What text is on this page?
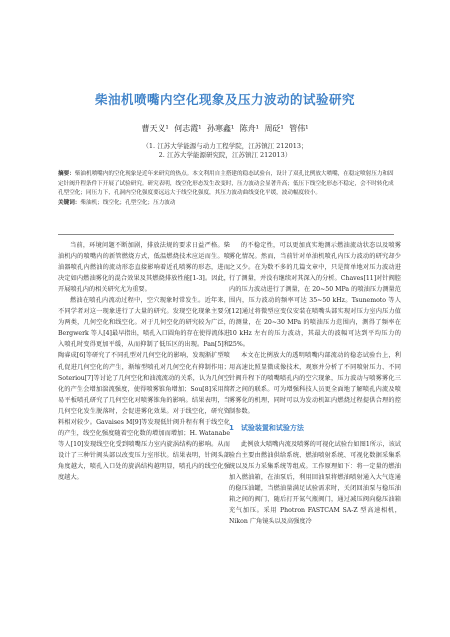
柴油机喷嘴内空化现象及压力波动的试验研究
曹天义¹ 何志霞¹ 孙寒鑫¹ 陈舟¹ 周砭¹ 管伟¹
（1. 江苏大学能源与动力工程学院，江苏镇江 212013；
2. 江苏大学能源研究院，江苏镇江 212013）
摘要：柴油机喷嘴内的空化现象是近年来研究的热点。本文利用自主搭建的稳态试验台，设计了双孔比例放大喷嘴，在稳定喷射压力和固定针阀升程条件下开展了试验研究。研究表明，线空化形态发生改变时，压力波动会显著升高；低压下线空化形态不稳定，会不时转化成孔型空化；同压力下，孔洞内空化强度要远远大于线空化强度，其压力波动曲线变化平缓，波动幅度较小。
关键词：柴油机；线空化；孔型空化；压力波动

当前，环境问题不断加剧，排放法规的要求日益严格。柴油机内的喷嘴内的新管燃烧方式，低温燃烧技术应运而生。喷油器喷孔内燃油的流动形态直接影响着近孔喷雾的形态，进而决定如内燃油雾化的混合效果及其燃烧排放性能[1-3]。因此，开展喷孔内的相关研究尤为重要。

燃油在喷孔内流动过程中，空穴现象时常发生。近年来，不同学者对这一现象进行了大量的研究。发现空化现象主要分为两类，几何空化和线空化。对于几何空化的研究较为广泛，Bergwerk 等人[4]最早指出，喷孔入口圆角的存在使得流体进入喷孔时变得更加平缓，从而抑制了低压区的出现。Pan[5]和陶睿成[6]等研究了不同孔型对几何空化的影响，发现渐扩型喷孔促进几何空化的产生，渐缩型喷孔对几何空化有抑制作用；Soteriou[7]等讨论了几何空化和油流流动的关系，认为几何空化的产生会增加湍流强度，使得喷雾锥角增加；Sou[8]采用简易平板喷孔研究了几何空化对喷雾锥角的影响。结果表明，当几何空化发生脱落时，会促进雾化效果。对于线空化，研究资料相对较少。Gavaises M[9]等发现低针阀升程有利于线空化的产生，线空化强度随着空化数的增加而增加；H. Watanabe 等人[10]发现线空化受到喷嘴压力室内旋涡结构的影响。从而设计了三种针阀头部以改变压力室形状。结果表明，针阀头部角度越大，喷孔入口处的旋涡结构越明显，喷孔内的线空化强度越大。

的不稳定性，可以更加真实地测示燃油流动状态以及喷雾雾化情况。然而，当前针对单油机喷孔内压力波动的研究却少之又少。在为数不多的几篇文章中，只是简单地对压力波动进行了测量，并没有继续对其深入的分析。Chaves[11]对针阀腔内的压力波动进行了测量，在 20~50 MPa 的喷油压力测量范围内，压力波动的频率可达 35~50 kHz。Tsunemoto 等人[12]通过将微型应变仪安装在喷嘴头部实现对压力室内压力值的测量，在 20~30 MPa 的喷油压力范围内，测得了频率在 10 kHz 左右的压力波动，其最大的波幅可达到平均压力的 25%。

本文在比例放大的透明喷嘴内部流动的稳态试验台上，利用高速比照显微成像技术，观察并分析了不同喷射压力、不同针阀升程下的喷嘴喷孔内的空穴现象，压力波动与喷雾雾化三者之间的联系。可为增强科技人员更全面地了解喷孔内流及喷雾雾化的机理，同时可以为发动机缸内燃烧过程提供合理的控制参数。

1　试验装置和试验方法

此例放大喷嘴内流及喷雾的可视化试验台如图1所示，该试验台主要由燃油供给系统、燃油喷射系统、可视化数据采集系统以及压力采集系统等组成。工作原理如下：将一定量的燃油加入燃油箱，在油泵后，利用回油泵将燃油喷射通入大气连通的稳压油罐，当燃油量满足试验需求时，关闭回油泵与稳压油箱之间的阀门，随后打开氮气瓶阀门，通过减压阀向稳压油箱充气加压。采用 Photron FASTCAM SA-Z 型高速相机，Nikon 广角镜头以及高强度冷
